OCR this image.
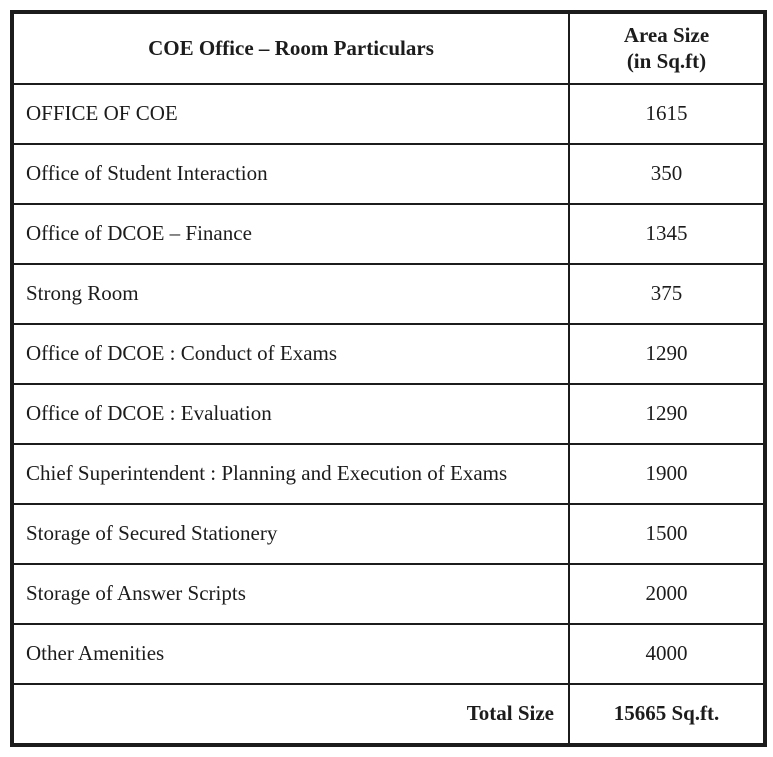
COE Office – Room Particulars	Area Size
(in Sq.ft)
OFFICE OF COE	1615
Office of Student Interaction	350
Office of DCOE – Finance	1345
Strong Room	375
Office of DCOE : Conduct of Exams	1290
Office of DCOE : Evaluation	1290
Chief Superintendent : Planning and Execution of Exams	1900
Storage of Secured Stationery	1500
Storage of Answer Scripts	2000
Other Amenities	4000
Total Size	15665 Sq.ft.
